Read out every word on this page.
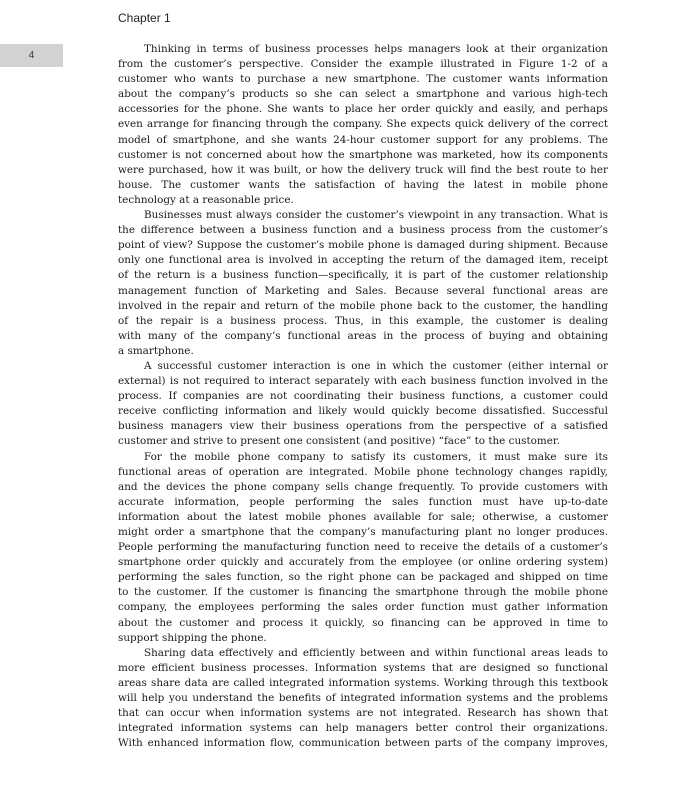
Chapter 1
4
Thinking in terms of business processes helps managers look at their organization
from the customer’s perspective. Consider the example illustrated in Figure 1-2 of a
customer who wants to purchase a new smartphone. The customer wants information
about the company’s products so she can select a smartphone and various high-tech
accessories for the phone. She wants to place her order quickly and easily, and perhaps
even arrange for financing through the company. She expects quick delivery of the correct
model of smartphone, and she wants 24-hour customer support for any problems. The
customer is not concerned about how the smartphone was marketed, how its components
were purchased, how it was built, or how the delivery truck will find the best route to her
house. The customer wants the satisfaction of having the latest in mobile phone
technology at a reasonable price.
Businesses must always consider the customer’s viewpoint in any transaction. What is
the difference between a business function and a business process from the customer’s
point of view? Suppose the customer’s mobile phone is damaged during shipment. Because
only one functional area is involved in accepting the return of the damaged item, receipt
of the return is a business function—specifically, it is part of the customer relationship
management function of Marketing and Sales. Because several functional areas are
involved in the repair and return of the mobile phone back to the customer, the handling
of the repair is a business process. Thus, in this example, the customer is dealing
with many of the company’s functional areas in the process of buying and obtaining
a smartphone.
A successful customer interaction is one in which the customer (either internal or
external) is not required to interact separately with each business function involved in the
process. If companies are not coordinating their business functions, a customer could
receive conflicting information and likely would quickly become dissatisfied. Successful
business managers view their business operations from the perspective of a satisfied
customer and strive to present one consistent (and positive) “face” to the customer.
For the mobile phone company to satisfy its customers, it must make sure its
functional areas of operation are integrated. Mobile phone technology changes rapidly,
and the devices the phone company sells change frequently. To provide customers with
accurate information, people performing the sales function must have up-to-date
information about the latest mobile phones available for sale; otherwise, a customer
might order a smartphone that the company’s manufacturing plant no longer produces.
People performing the manufacturing function need to receive the details of a customer’s
smartphone order quickly and accurately from the employee (or online ordering system)
performing the sales function, so the right phone can be packaged and shipped on time
to the customer. If the customer is financing the smartphone through the mobile phone
company, the employees performing the sales order function must gather information
about the customer and process it quickly, so financing can be approved in time to
support shipping the phone.
Sharing data effectively and efficiently between and within functional areas leads to
more efficient business processes. Information systems that are designed so functional
areas share data are called integrated information systems. Working through this textbook
will help you understand the benefits of integrated information systems and the problems
that can occur when information systems are not integrated. Research has shown that
integrated information systems can help managers better control their organizations.
With enhanced information flow, communication between parts of the company improves,
